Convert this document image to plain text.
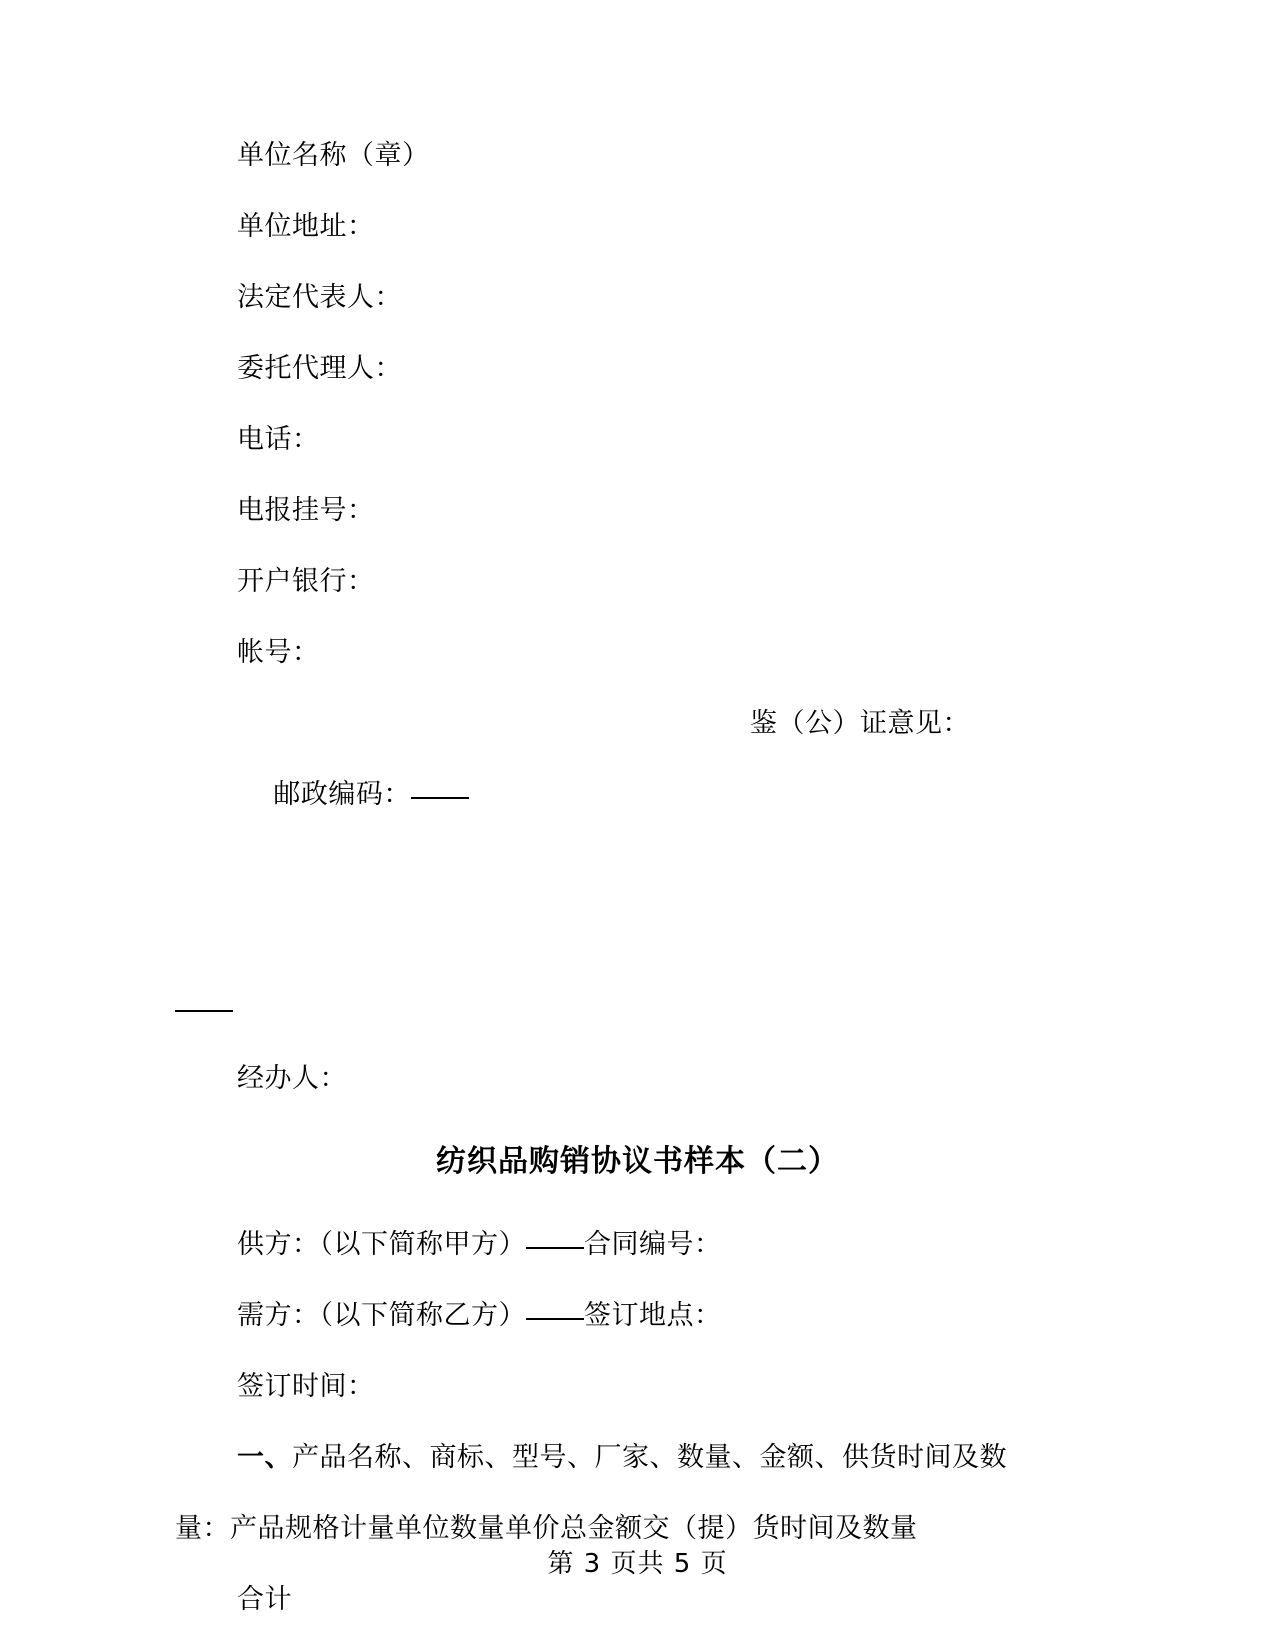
单位名称（章）
单位地址：
法定代表人：
委托代理人：
电话：
电报挂号：
开户银行：
帐号：

邮政编码：

鉴（公）证意见：

经办人：
纺织品购销协议书样本（二）
供方：（以下简称甲方） 合同编号：
需方：（以下简称乙方） 签订地点：
签订时间：
一、产品名称、商标、型号、厂家、数量、金额、供货时间及数
量：产品规格计量单位数量单价总金额交（提）货时间及数量
合计
第 3 页共 5 页
